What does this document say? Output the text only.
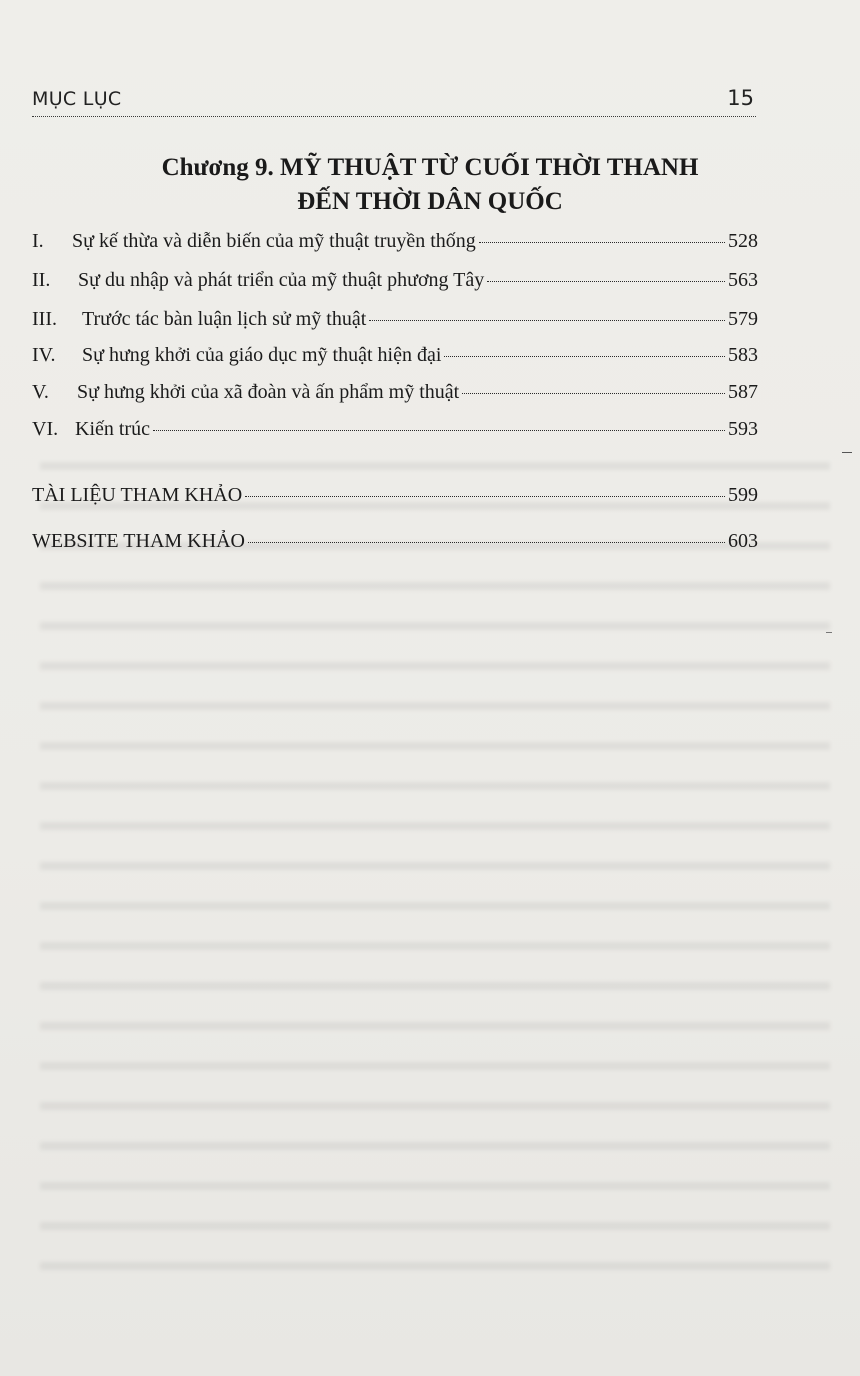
MỤC LỤC	15
Chương 9. MỸ THUẬT TỪ CUỐI THỜI THANH
ĐẾN THỜI DÂN QUỐC
I.	Sự kế thừa và diễn biến của mỹ thuật truyền thống	528
II.	Sự du nhập và phát triển của mỹ thuật phương Tây	563
III.	Trước tác bàn luận lịch sử mỹ thuật	579
IV.	Sự hưng khởi của giáo dục mỹ thuật hiện đại	583
V.	Sự hưng khởi của xã đoàn và ấn phẩm mỹ thuật	587
VI. Kiến trúc	593
TÀI LIỆU THAM KHẢO	599
WEBSITE THAM KHẢO	603
